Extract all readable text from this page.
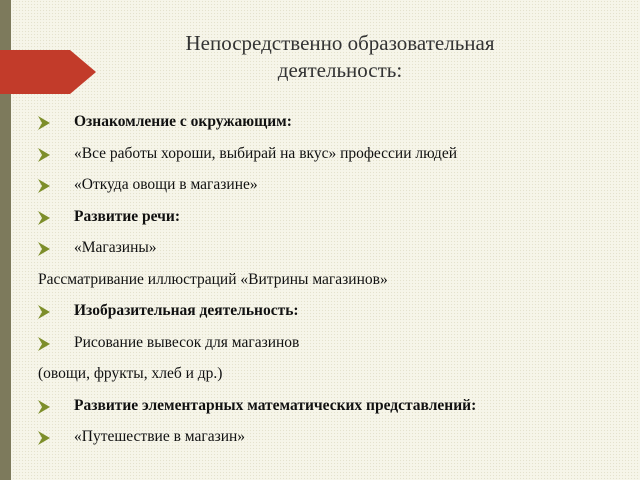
Непосредственно образовательная
деятельность:
Ознакомление с окружающим:
«Все работы хороши, выбирай на вкус» профессии людей
«Откуда овощи в магазине»
Развитие речи:
«Магазины»
Рассматривание иллюстраций «Витрины магазинов»
Изобразительная деятельность:
Рисование вывесок для магазинов
(овощи, фрукты, хлеб и др.)
Развитие элементарных математических представлений:
«Путешествие в магазин»
